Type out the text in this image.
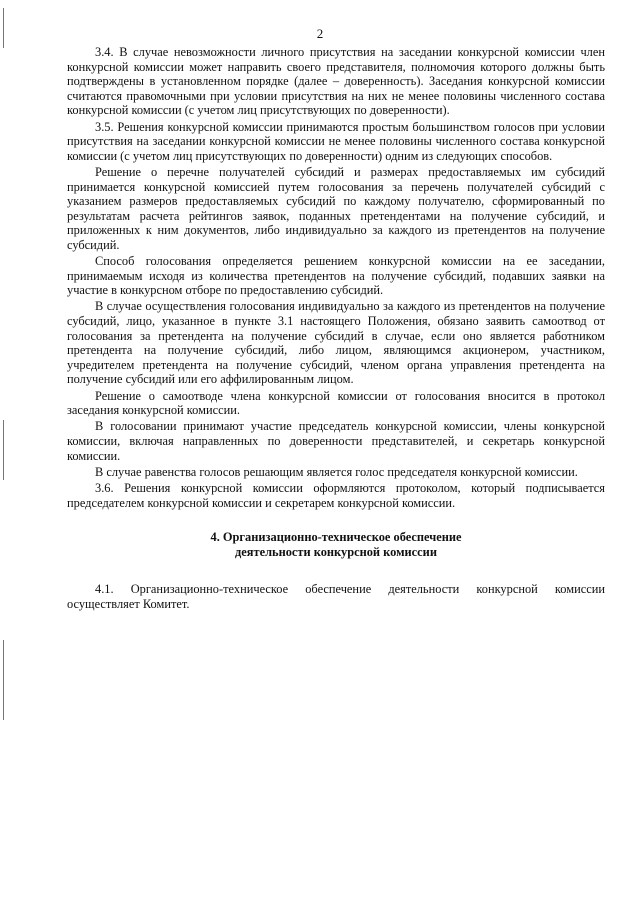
2

3.4. В случае невозможности личного присутствия на заседании конкурсной комиссии член конкурсной комиссии может направить своего представителя, полномочия которого должны быть подтверждены в установленном порядке (далее – доверенность). Заседания конкурсной комиссии считаются правомочными при условии присутствия на них не менее половины численного состава конкурсной комиссии (с учетом лиц присутствующих по доверенности).

3.5. Решения конкурсной комиссии принимаются простым большинством голосов при условии присутствия на заседании конкурсной комиссии не менее половины численного состава конкурсной комиссии (с учетом лиц присутствующих по доверенности) одним из следующих способов.

Решение о перечне получателей субсидий и размерах предоставляемых им субсидий принимается конкурсной комиссией путем голосования за перечень получателей субсидий с указанием размеров предоставляемых субсидий по каждому получателю, сформированный по результатам расчета рейтингов заявок, поданных претендентами на получение субсидий, и приложенных к ним документов, либо индивидуально за каждого из претендентов на получение субсидий.

Способ голосования определяется решением конкурсной комиссии на ее заседании, принимаемым исходя из количества претендентов на получение субсидий, подавших заявки на участие в конкурсном отборе по предоставлению субсидий.

В случае осуществления голосования индивидуально за каждого из претендентов на получение субсидий, лицо, указанное в пункте 3.1 настоящего Положения, обязано заявить самоотвод от голосования за претендента на получение субсидий в случае, если оно является работником претендента на получение субсидий, либо лицом, являющимся акционером, участником, учредителем претендента на получение субсидий, членом органа управления претендента на получение субсидий или его аффилированным лицом.

Решение о самоотводе члена конкурсной комиссии от голосования вносится в протокол заседания конкурсной комиссии.

В голосовании принимают участие председатель конкурсной комиссии, члены конкурсной комиссии, включая направленных по доверенности представителей, и секретарь конкурсной комиссии.

В случае равенства голосов решающим является голос председателя конкурсной комиссии.

3.6. Решения конкурсной комиссии оформляются протоколом, который подписывается председателем конкурсной комиссии и секретарем конкурсной комиссии.

4. Организационно-техническое обеспечение
деятельности конкурсной комиссии

4.1. Организационно-техническое обеспечение деятельности конкурсной комиссии осуществляет Комитет.
